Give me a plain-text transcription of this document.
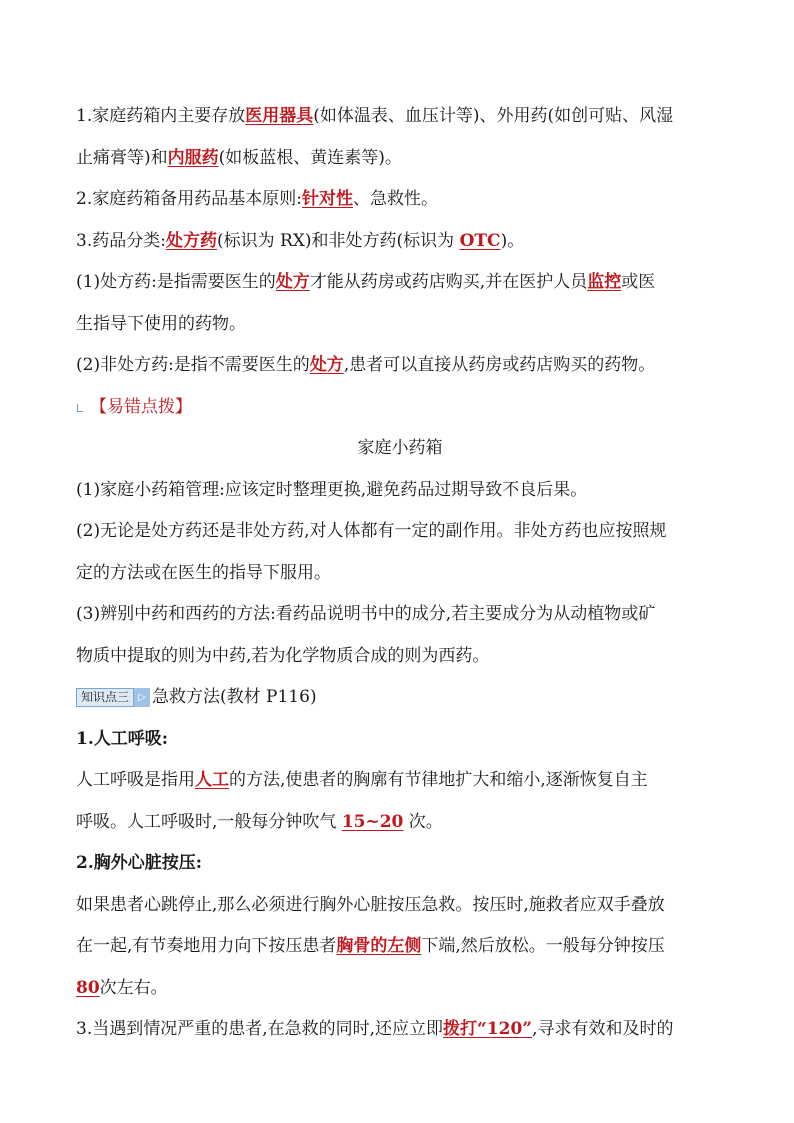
1.家庭药箱内主要存放医用器具(如体温表、血压计等)、外用药(如创可贴、风湿
止痛膏等)和内服药(如板蓝根、黄连素等)。
2.家庭药箱备用药品基本原则:针对性、急救性。
3.药品分类:处方药(标识为 RX)和非处方药(标识为 OTC)。
(1)处方药:是指需要医生的处方才能从药房或药店购买,并在医护人员监控或医
生指导下使用的药物。
(2)非处方药:是指不需要医生的处方,患者可以直接从药房或药店购买的药物。
【易错点拨】
家庭小药箱
(1)家庭小药箱管理:应该定时整理更换,避免药品过期导致不良后果。
(2)无论是处方药还是非处方药,对人体都有一定的副作用。非处方药也应按照规
定的方法或在医生的指导下服用。
(3)辨别中药和西药的方法:看药品说明书中的成分,若主要成分为从动植物或矿
物质中提取的则为中药,若为化学物质合成的则为西药。
知识点三 ▷ 急救方法(教材 P116)
1.人工呼吸:
人工呼吸是指用人工的方法,使患者的胸廓有节律地扩大和缩小,逐渐恢复自主
呼吸。人工呼吸时,一般每分钟吹气 15~20 次。
2.胸外心脏按压:
如果患者心跳停止,那么必须进行胸外心脏按压急救。按压时,施救者应双手叠放
在一起,有节奏地用力向下按压患者胸骨的左侧下端,然后放松。一般每分钟按压
80次左右。
3.当遇到情况严重的患者,在急救的同时,还应立即拨打“120”,寻求有效和及时的
